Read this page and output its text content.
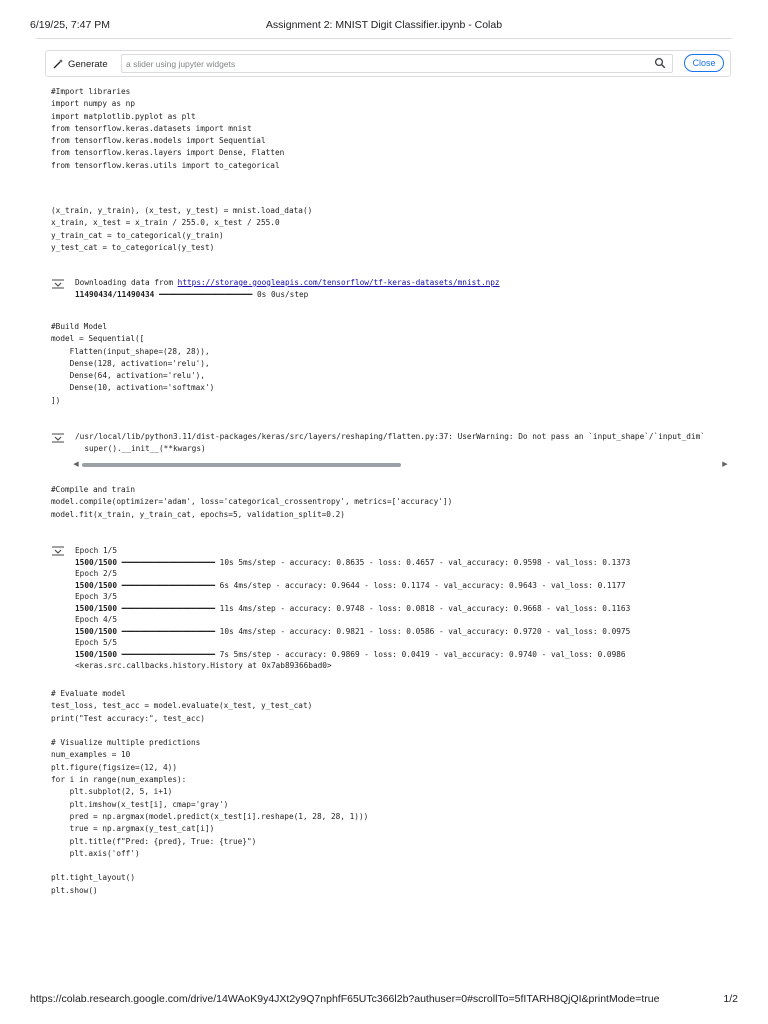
6/19/25, 7:47 PM	Assignment 2: MNIST Digit Classifier.ipynb - Colab
Generate
a slider using jupyter widgets	Close
#Import libraries
import numpy as np
import matplotlib.pyplot as plt
from tensorflow.keras.datasets import mnist
from tensorflow.keras.models import Sequential
from tensorflow.keras.layers import Dense, Flatten
from tensorflow.keras.utils import to_categorical
(x_train, y_train), (x_test, y_test) = mnist.load_data()
x_train, x_test = x_train / 255.0, x_test / 255.0
y_train_cat = to_categorical(y_train)
y_test_cat = to_categorical(y_test)
Downloading data from https://storage.googleapis.com/tensorflow/tf-keras-datasets/mnist.npz
11490434/11490434 ━━━━━━━━━━━━━━━━━━━━ 0s 0us/step
#Build Model
model = Sequential([
Flatten(input_shape=(28, 28)),
Dense(128, activation='relu'),
Dense(64, activation='relu'),
Dense(10, activation='softmax')
])
/usr/local/lib/python3.11/dist-packages/keras/src/layers/reshaping/flatten.py:37: UserWarning: Do not pass an `input_shape`/`input_dim`
super().__init__(**kwargs)
◀	▶
#Compile and train
model.compile(optimizer='adam', loss='categorical_crossentropy', metrics=['accuracy'])
model.fit(x_train, y_train_cat, epochs=5, validation_split=0.2)
Epoch 1/5
1500/1500 ━━━━━━━━━━━━━━━━━━━━ 10s 5ms/step - accuracy: 0.8635 - loss: 0.4657 - val_accuracy: 0.9598 - val_loss: 0.1373
Epoch 2/5
1500/1500 ━━━━━━━━━━━━━━━━━━━━ 6s 4ms/step - accuracy: 0.9644 - loss: 0.1174 - val_accuracy: 0.9643 - val_loss: 0.1177
Epoch 3/5
1500/1500 ━━━━━━━━━━━━━━━━━━━━ 11s 4ms/step - accuracy: 0.9748 - loss: 0.0818 - val_accuracy: 0.9668 - val_loss: 0.1163
Epoch 4/5
1500/1500 ━━━━━━━━━━━━━━━━━━━━ 10s 4ms/step - accuracy: 0.9821 - loss: 0.0586 - val_accuracy: 0.9720 - val_loss: 0.0975
Epoch 5/5
1500/1500 ━━━━━━━━━━━━━━━━━━━━ 7s 5ms/step - accuracy: 0.9869 - loss: 0.0419 - val_accuracy: 0.9740 - val_loss: 0.0986
<keras.src.callbacks.history.History at 0x7ab89366bad0>
# Evaluate model
test_loss, test_acc = model.evaluate(x_test, y_test_cat)
print("Test accuracy:", test_acc)

# Visualize multiple predictions
num_examples = 10
plt.figure(figsize=(12, 4))
for i in range(num_examples):
plt.subplot(2, 5, i+1)
plt.imshow(x_test[i], cmap='gray')
pred = np.argmax(model.predict(x_test[i].reshape(1, 28, 28, 1)))
true = np.argmax(y_test_cat[i])
plt.title(f"Pred: {pred}, True: {true}")
plt.axis('off')

plt.tight_layout()
plt.show()
https://colab.research.google.com/drive/14WAoK9y4JXt2y9Q7nphfF65UTc366l2b?authuser=0#scrollTo=5fITARH8QjQI&printMode=true	1/2
